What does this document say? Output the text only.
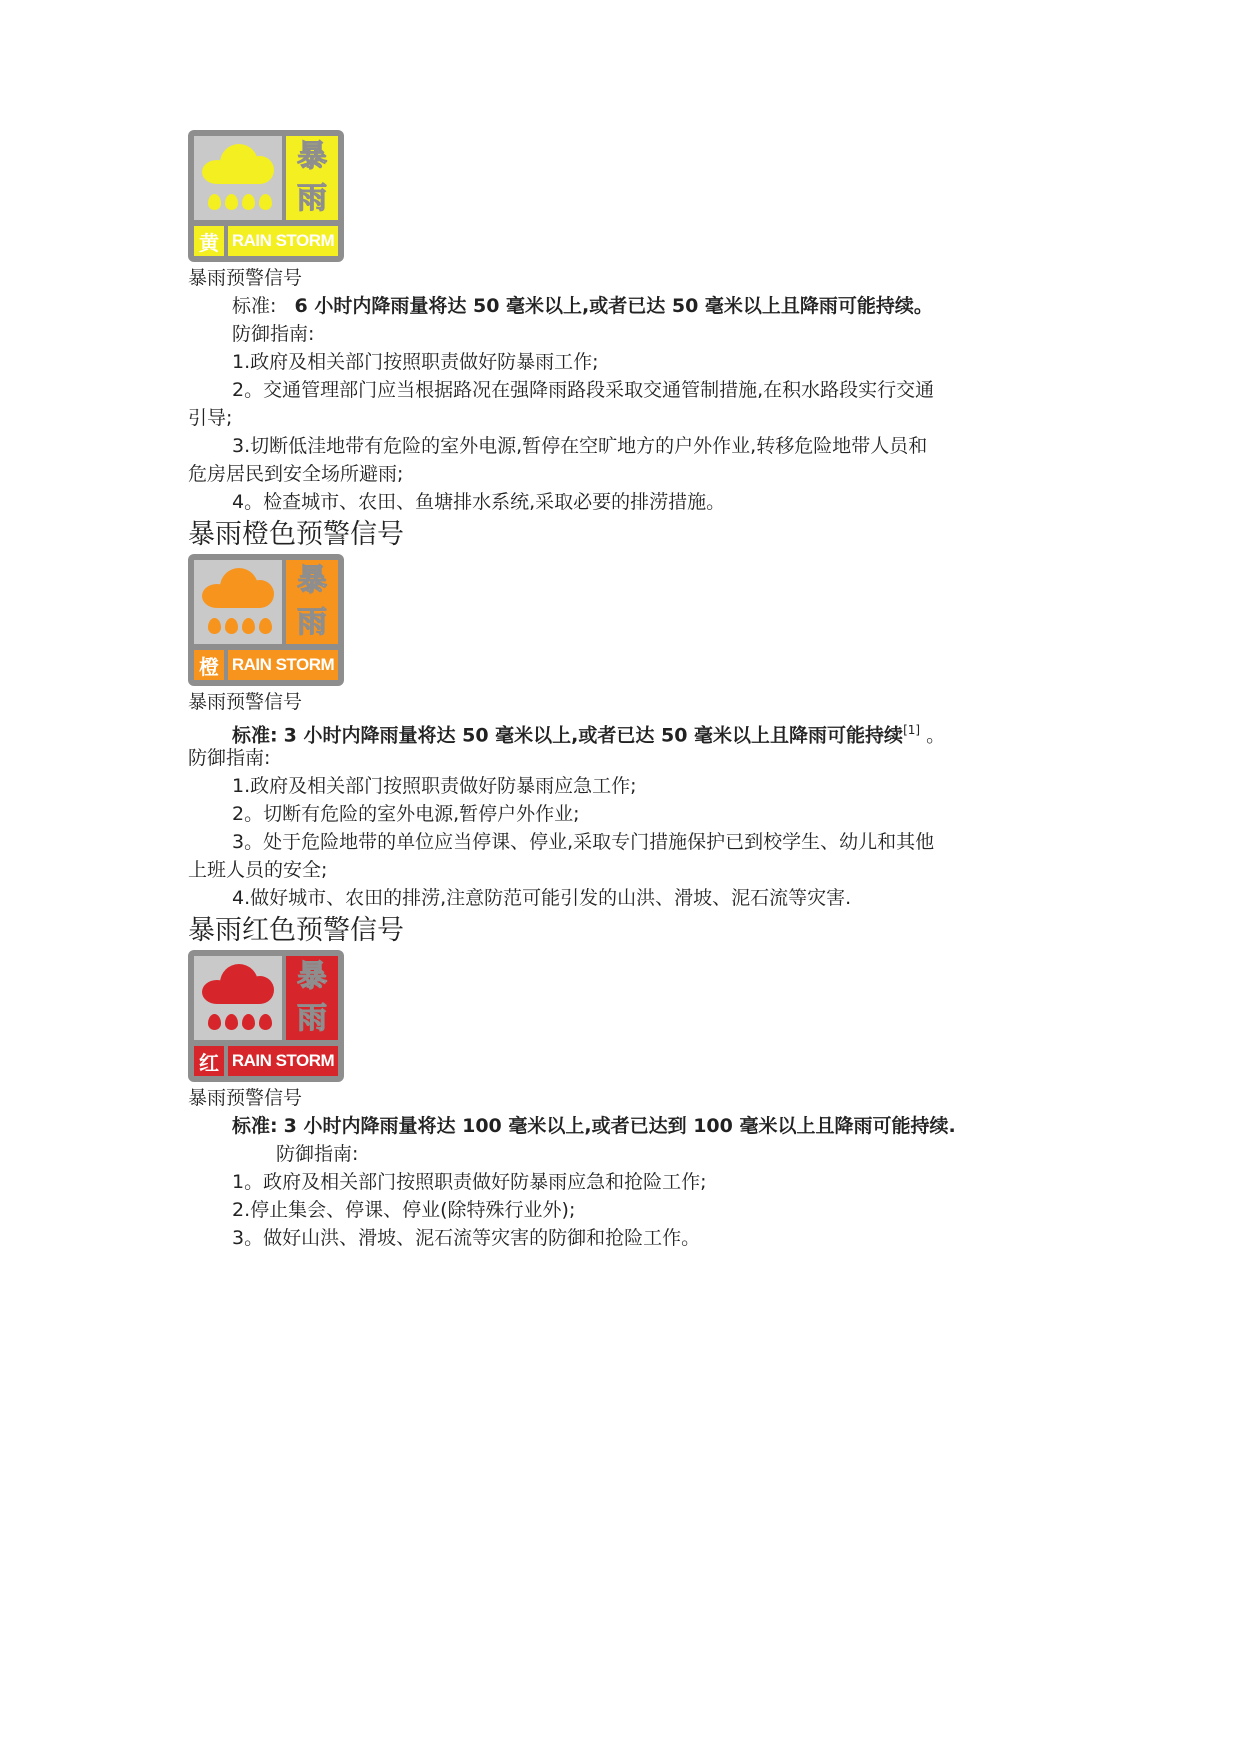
暴
雨
黄 RAIN STORM
暴雨预警信号
标准: 6 小时内降雨量将达 50 毫米以上,或者已达 50 毫米以上且降雨可能持续。
防御指南:
1.政府及相关部门按照职责做好防暴雨工作;
2。交通管理部门应当根据路况在强降雨路段采取交通管制措施,在积水路段实行交通
引导;
3.切断低洼地带有危险的室外电源,暂停在空旷地方的户外作业,转移危险地带人员和
危房居民到安全场所避雨;
4。检查城市、农田、鱼塘排水系统,采取必要的排涝措施。
暴雨橙色预警信号
暴
雨
橙 RAIN STORM
暴雨预警信号
标准: 3 小时内降雨量将达 50 毫米以上,或者已达 50 毫米以上且降雨可能持续[1] 。
防御指南:
1.政府及相关部门按照职责做好防暴雨应急工作;
2。切断有危险的室外电源,暂停户外作业;
3。处于危险地带的单位应当停课、停业,采取专门措施保护已到校学生、幼儿和其他
上班人员的安全;
4.做好城市、农田的排涝,注意防范可能引发的山洪、滑坡、泥石流等灾害.
暴雨红色预警信号
暴
雨
红 RAIN STORM
暴雨预警信号
标准: 3 小时内降雨量将达 100 毫米以上,或者已达到 100 毫米以上且降雨可能持续.
防御指南:
1。政府及相关部门按照职责做好防暴雨应急和抢险工作;
2.停止集会、停课、停业(除特殊行业外);
3。做好山洪、滑坡、泥石流等灾害的防御和抢险工作。
